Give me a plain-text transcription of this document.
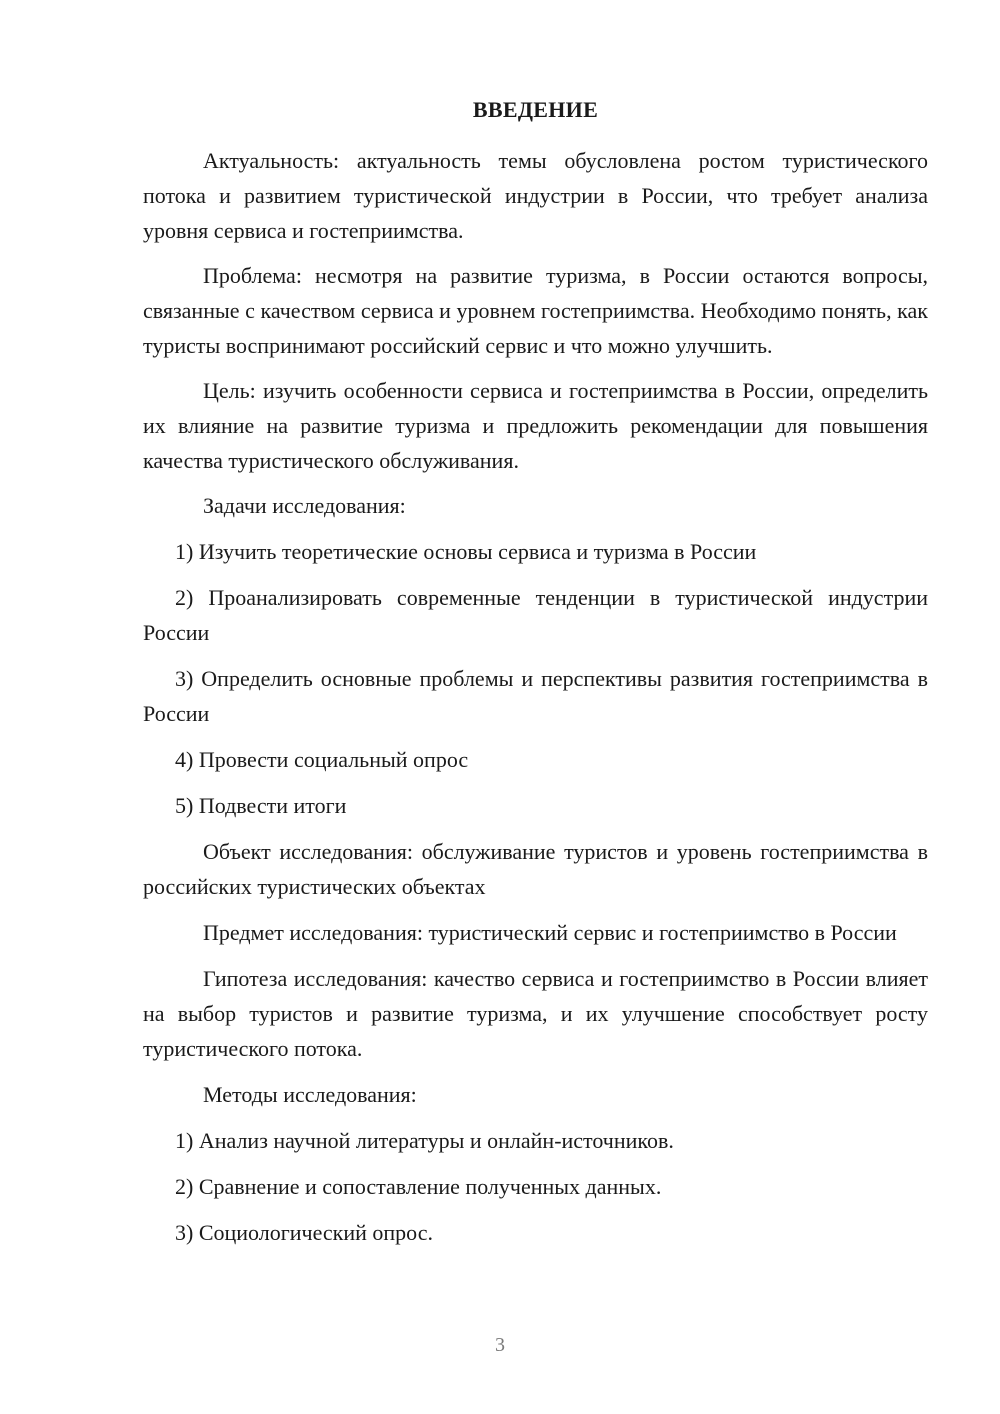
ВВЕДЕНИЕ

Актуальность: актуальность темы обусловлена ростом туристического потока и развитием туристической индустрии в России, что требует анализа уровня сервиса и гостеприимства.

Проблема: несмотря на развитие туризма, в России остаются вопросы, связанные с качеством сервиса и уровнем гостеприимства. Необходимо понять, как туристы воспринимают российский сервис и что можно улучшить.

Цель: изучить особенности сервиса и гостеприимства в России, определить их влияние на развитие туризма и предложить рекомендации для повышения качества туристического обслуживания.

Задачи исследования:

1) Изучить теоретические основы сервиса и туризма в России

2) Проанализировать современные тенденции в туристической индустрии России

3) Определить основные проблемы и перспективы развития гостеприимства в России

4) Провести социальный опрос

5) Подвести итоги

Объект исследования: обслуживание туристов и уровень гостеприимства в российских туристических объектах

Предмет исследования: туристический сервис и гостеприимство в России

Гипотеза исследования: качество сервиса и гостеприимство в России влияет на выбор туристов и развитие туризма, и их улучшение способствует росту туристического потока.

Методы исследования:

1) Анализ научной литературы и онлайн-источников.

2) Сравнение и сопоставление полученных данных.

3) Социологический опрос.

3
